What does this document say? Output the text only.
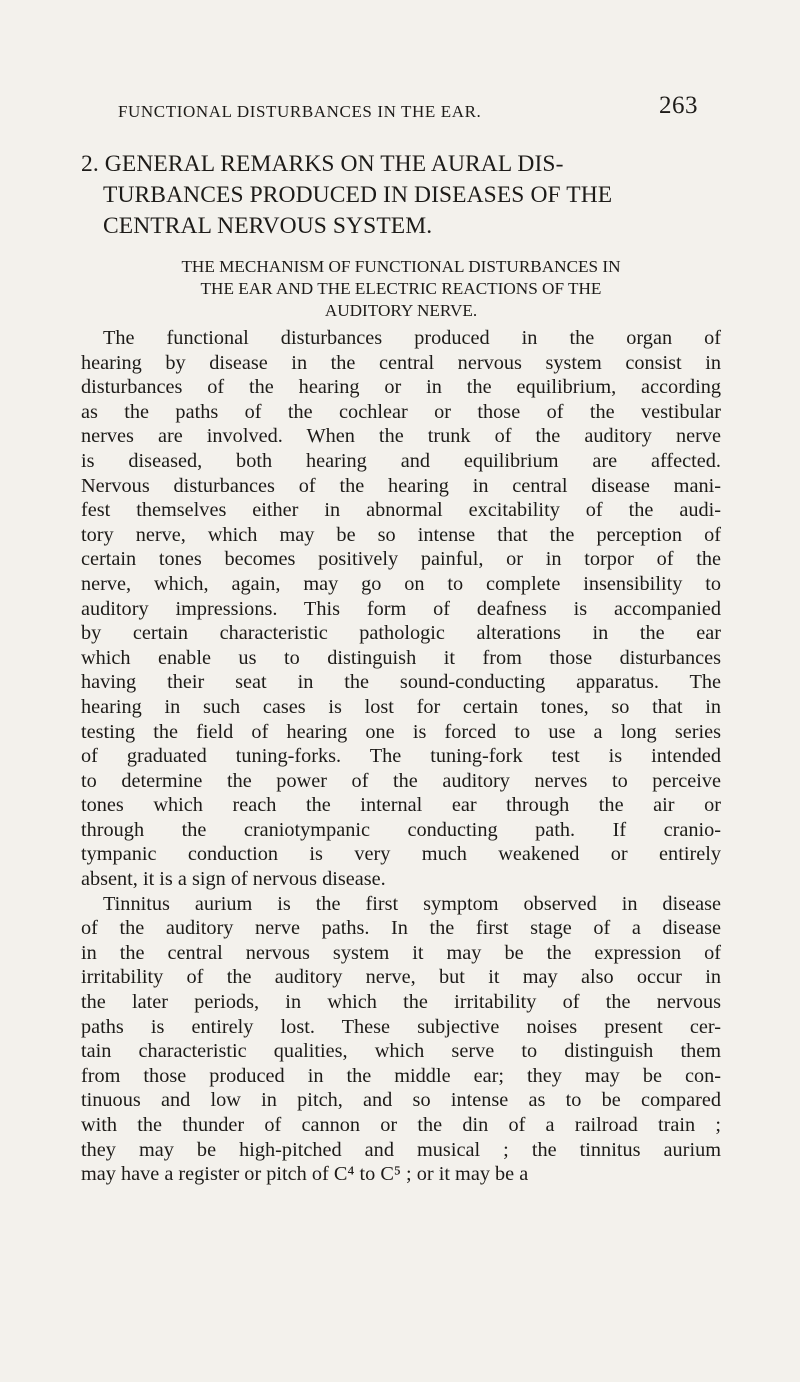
FUNCTIONAL DISTURBANCES IN THE EAR.	263
2. GENERAL REMARKS ON THE AURAL DIS-
TURBANCES PRODUCED IN DISEASES OF THE
CENTRAL NERVOUS SYSTEM.
THE MECHANISM OF FUNCTIONAL DISTURBANCES IN
THE EAR AND THE ELECTRIC REACTIONS OF THE
AUDITORY NERVE.
The functional disturbances produced in the organ of
hearing by disease in the central nervous system consist in
disturbances of the hearing or in the equilibrium, according
as the paths of the cochlear or those of the vestibular
nerves are involved. When the trunk of the auditory nerve
is diseased, both hearing and equilibrium are affected.
Nervous disturbances of the hearing in central disease mani-
fest themselves either in abnormal excitability of the audi-
tory nerve, which may be so intense that the perception of
certain tones becomes positively painful, or in torpor of the
nerve, which, again, may go on to complete insensibility to
auditory impressions. This form of deafness is accompanied
by certain characteristic pathologic alterations in the ear
which enable us to distinguish it from those disturbances
having their seat in the sound-conducting apparatus. The
hearing in such cases is lost for certain tones, so that in
testing the field of hearing one is forced to use a long series
of graduated tuning-forks. The tuning-fork test is intended
to determine the power of the auditory nerves to perceive
tones which reach the internal ear through the air or
through the craniotympanic conducting path. If cranio-
tympanic conduction is very much weakened or entirely
absent, it is a sign of nervous disease.
Tinnitus aurium is the first symptom observed in disease
of the auditory nerve paths. In the first stage of a disease
in the central nervous system it may be the expression of
irritability of the auditory nerve, but it may also occur in
the later periods, in which the irritability of the nervous
paths is entirely lost. These subjective noises present cer-
tain characteristic qualities, which serve to distinguish them
from those produced in the middle ear; they may be con-
tinuous and low in pitch, and so intense as to be compared
with the thunder of cannon or the din of a railroad train ;
they may be high-pitched and musical ; the tinnitus aurium
may have a register or pitch of C⁴ to C⁵ ; or it may be a
